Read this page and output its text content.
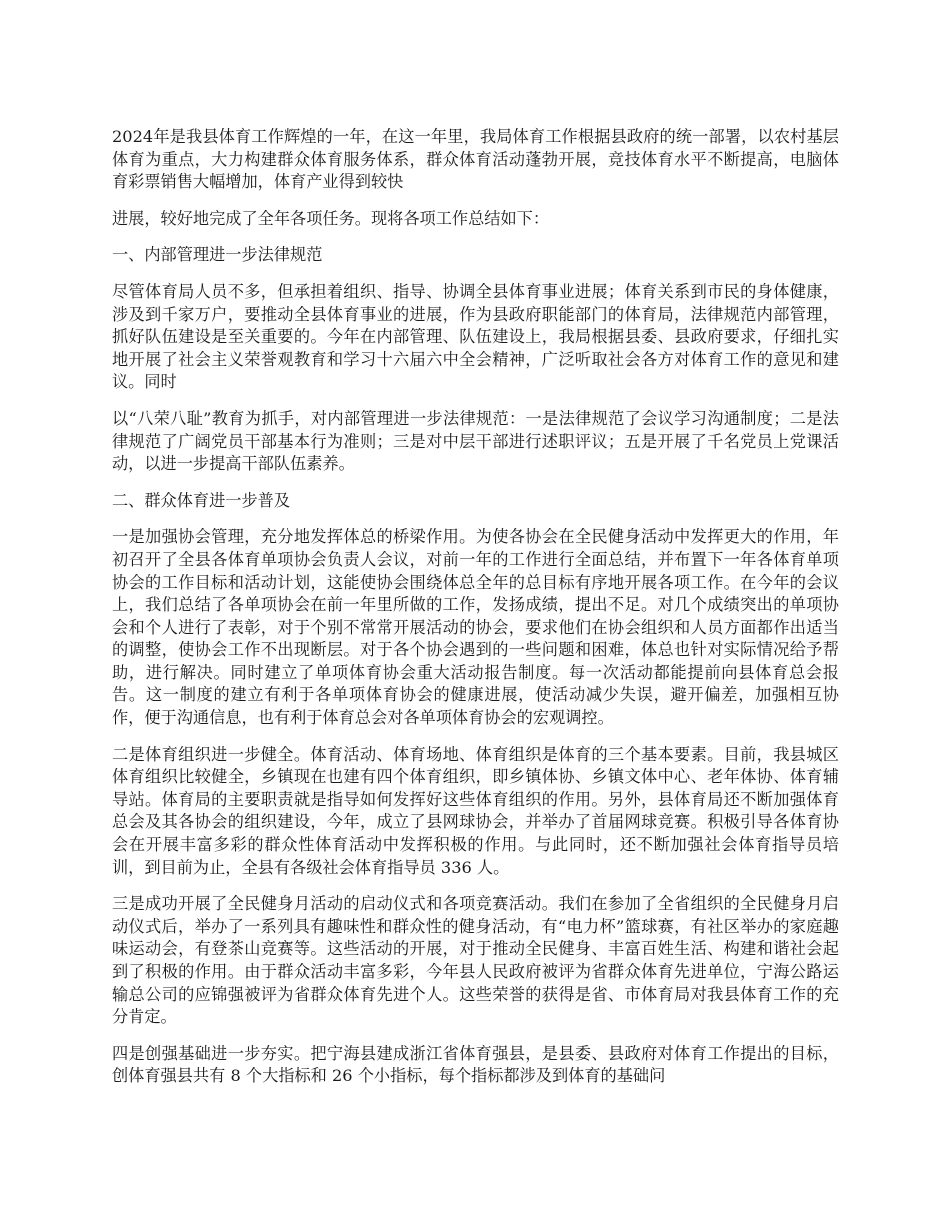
2024年是我县体育工作辉煌的一年，在这一年里，我局体育工作根据县政府的统一部署，以农村基层体育为重点，大力构建群众体育服务体系，群众体育活动蓬勃开展，竞技体育水平不断提高，电脑体育彩票销售大幅增加，体育产业得到较快

进展，较好地完成了全年各项任务。现将各项工作总结如下：

一、内部管理进一步法律规范

尽管体育局人员不多，但承担着组织、指导、协调全县体育事业进展；体育关系到市民的身体健康，涉及到千家万户，要推动全县体育事业的进展，作为县政府职能部门的体育局，法律规范内部管理，抓好队伍建设是至关重要的。今年在内部管理、队伍建设上，我局根据县委、县政府要求，仔细扎实地开展了社会主义荣誉观教育和学习十六届六中全会精神，广泛听取社会各方对体育工作的意见和建议。同时

以“八荣八耻”教育为抓手，对内部管理进一步法律规范：一是法律规范了会议学习沟通制度；二是法律规范了广阔党员干部基本行为准则；三是对中层干部进行述职评议；五是开展了千名党员上党课活动，以进一步提高干部队伍素养。

二、群众体育进一步普及

一是加强协会管理，充分地发挥体总的桥梁作用。为使各协会在全民健身活动中发挥更大的作用，年初召开了全县各体育单项协会负责人会议，对前一年的工作进行全面总结，并布置下一年各体育单项协会的工作目标和活动计划，这能使协会围绕体总全年的总目标有序地开展各项工作。在今年的会议上，我们总结了各单项协会在前一年里所做的工作，发扬成绩，提出不足。对几个成绩突出的单项协会和个人进行了表彰，对于个别不常常开展活动的协会，要求他们在协会组织和人员方面都作出适当的调整，使协会工作不出现断层。对于各个协会遇到的一些问题和困难，体总也针对实际情况给予帮助，进行解决。同时建立了单项体育协会重大活动报告制度。每一次活动都能提前向县体育总会报告。这一制度的建立有利于各单项体育协会的健康进展，使活动减少失误，避开偏差，加强相互协作，便于沟通信息，也有利于体育总会对各单项体育协会的宏观调控。

二是体育组织进一步健全。体育活动、体育场地、体育组织是体育的三个基本要素。目前，我县城区体育组织比较健全，乡镇现在也建有四个体育组织，即乡镇体协、乡镇文体中心、老年体协、体育辅导站。体育局的主要职责就是指导如何发挥好这些体育组织的作用。另外，县体育局还不断加强体育总会及其各协会的组织建设，今年，成立了县网球协会，并举办了首届网球竞赛。积极引导各体育协会在开展丰富多彩的群众性体育活动中发挥积极的作用。与此同时，还不断加强社会体育指导员培训，到目前为止，全县有各级社会体育指导员 336 人。

三是成功开展了全民健身月活动的启动仪式和各项竞赛活动。我们在参加了全省组织的全民健身月启动仪式后，举办了一系列具有趣味性和群众性的健身活动，有“电力杯”篮球赛，有社区举办的家庭趣味运动会，有登茶山竞赛等。这些活动的开展，对于推动全民健身、丰富百姓生活、构建和谐社会起到了积极的作用。由于群众活动丰富多彩，今年县人民政府被评为省群众体育先进单位，宁海公路运输总公司的应锦强被评为省群众体育先进个人。这些荣誉的获得是省、市体育局对我县体育工作的充分肯定。

四是创强基础进一步夯实。把宁海县建成浙江省体育强县，是县委、县政府对体育工作提出的目标，创体育强县共有 8 个大指标和 26 个小指标，每个指标都涉及到体育的基础问
